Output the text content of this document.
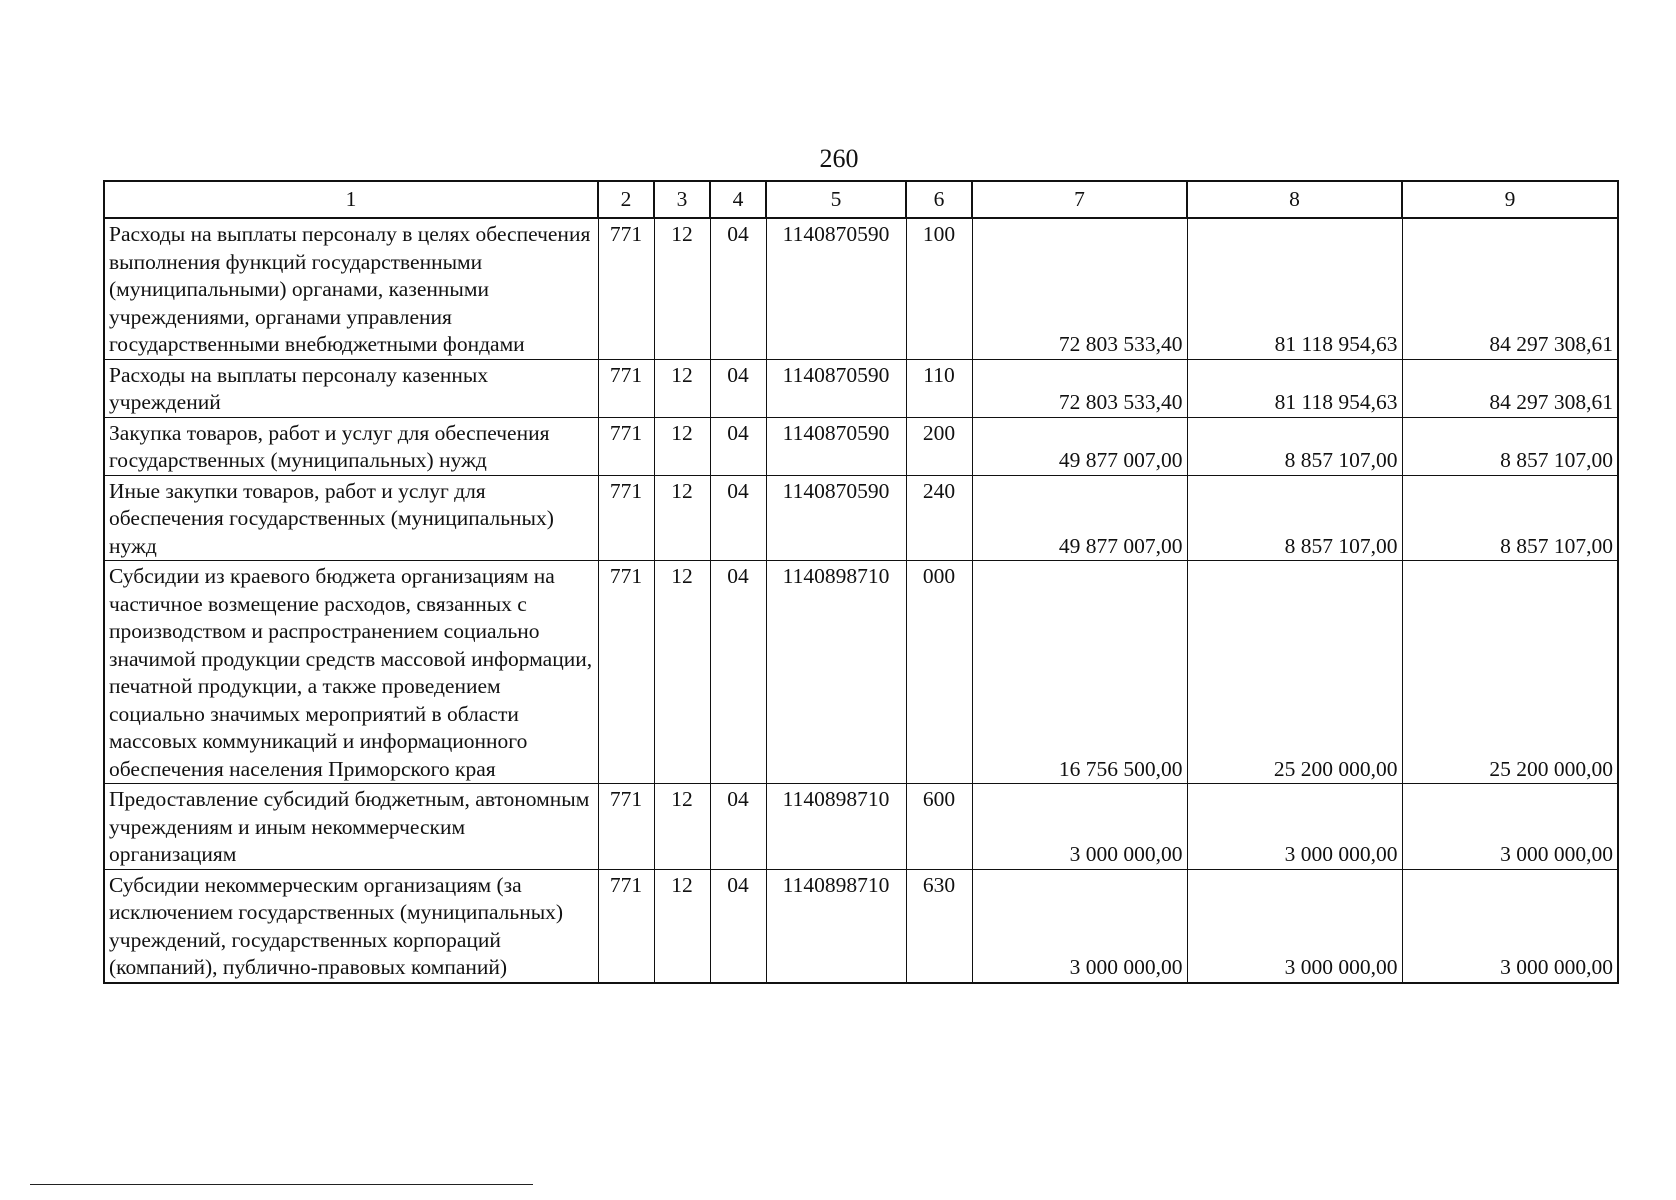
260
1	2	3	4	5	6	7	8	9
Расходы на выплаты персоналу в целях обеспечения выполнения функций государственными (муниципальными) органами, казенными учреждениями, органами управления государственными внебюджетными фондами	771	12	04	1140870590	100	72 803 533,40	81 118 954,63	84 297 308,61
Расходы на выплаты персоналу казенных учреждений	771	12	04	1140870590	110	72 803 533,40	81 118 954,63	84 297 308,61
Закупка товаров, работ и услуг для обеспечения государственных (муниципальных) нужд	771	12	04	1140870590	200	49 877 007,00	8 857 107,00	8 857 107,00
Иные закупки товаров, работ и услуг для обеспечения государственных (муниципальных) нужд	771	12	04	1140870590	240	49 877 007,00	8 857 107,00	8 857 107,00
Субсидии из краевого бюджета организациям на частичное возмещение расходов, связанных с производством и распространением социально значимой продукции средств массовой информации, печатной продукции, а также проведением социально значимых мероприятий в области массовых коммуникаций и информационного обеспечения населения Приморского края	771	12	04	1140898710	000	16 756 500,00	25 200 000,00	25 200 000,00
Предоставление субсидий бюджетным, автономным учреждениям и иным некоммерческим организациям	771	12	04	1140898710	600	3 000 000,00	3 000 000,00	3 000 000,00
Субсидии некоммерческим организациям (за исключением государственных (муниципальных) учреждений, государственных корпораций (компаний), публично-правовых компаний)	771	12	04	1140898710	630	3 000 000,00	3 000 000,00	3 000 000,00
